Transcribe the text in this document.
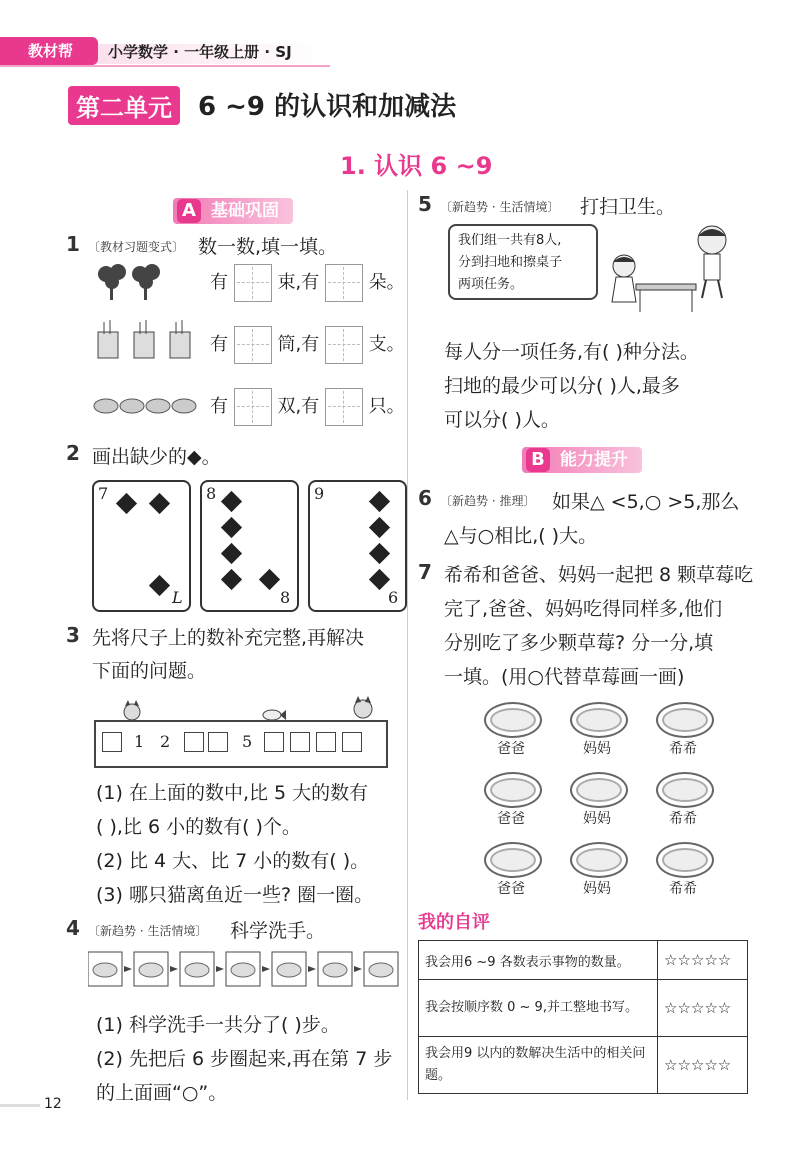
教材帮	小学数学 · 一年级上册 · SJ
第二单元	6 ~9 的认识和加减法
1. 认识 6 ~9
A 基础巩固
1 〔教材习题变式〕 数一数,填一填。
有	束,有	朵。
有	筒,有	支。
有	双,有	只。
2 画出缺少的◆。
7
L
8
8
9
6
3 先将尺子上的数补充完整,再解决
下面的问题。
1 2	5
(1) 在上面的数中,比 5 大的数有
( ),比 6 小的数有( )个。
(2) 比 4 大、比 7 小的数有( )。
(3) 哪只猫离鱼近一些? 圈一圈。
4 〔新趋势 · 生活情境〕 科学洗手。
(1) 科学洗手一共分了( )步。
(2) 先把后 6 步圈起来,再在第 7 步
的上面画“○”。
12
5 〔新趋势 · 生活情境〕 打扫卫生。
我们组一共有8人,
分到扫地和擦桌子
两项任务。
每人分一项任务,有( )种分法。
扫地的最少可以分( )人,最多
可以分( )人。
B 能力提升
6 〔新趋势 · 推理〕 如果△ <5,○ >5,那么
△与○相比,( )大。
7 希希和爸爸、妈妈一起把 8 颗草莓吃
完了,爸爸、妈妈吃得同样多,他们
分别吃了多少颗草莓? 分一分,填
一填。(用○代替草莓画一画)
爸爸	妈妈	希希
爸爸	妈妈	希希
爸爸	妈妈	希希
我的自评
我会用6 ~9 各数表示事物的数量。	☆☆☆☆☆
我会按顺序数 0 ~ 9,并工整地书写。	☆☆☆☆☆
我会用9 以内的数解决生活中的相关问题。	☆☆☆☆☆
